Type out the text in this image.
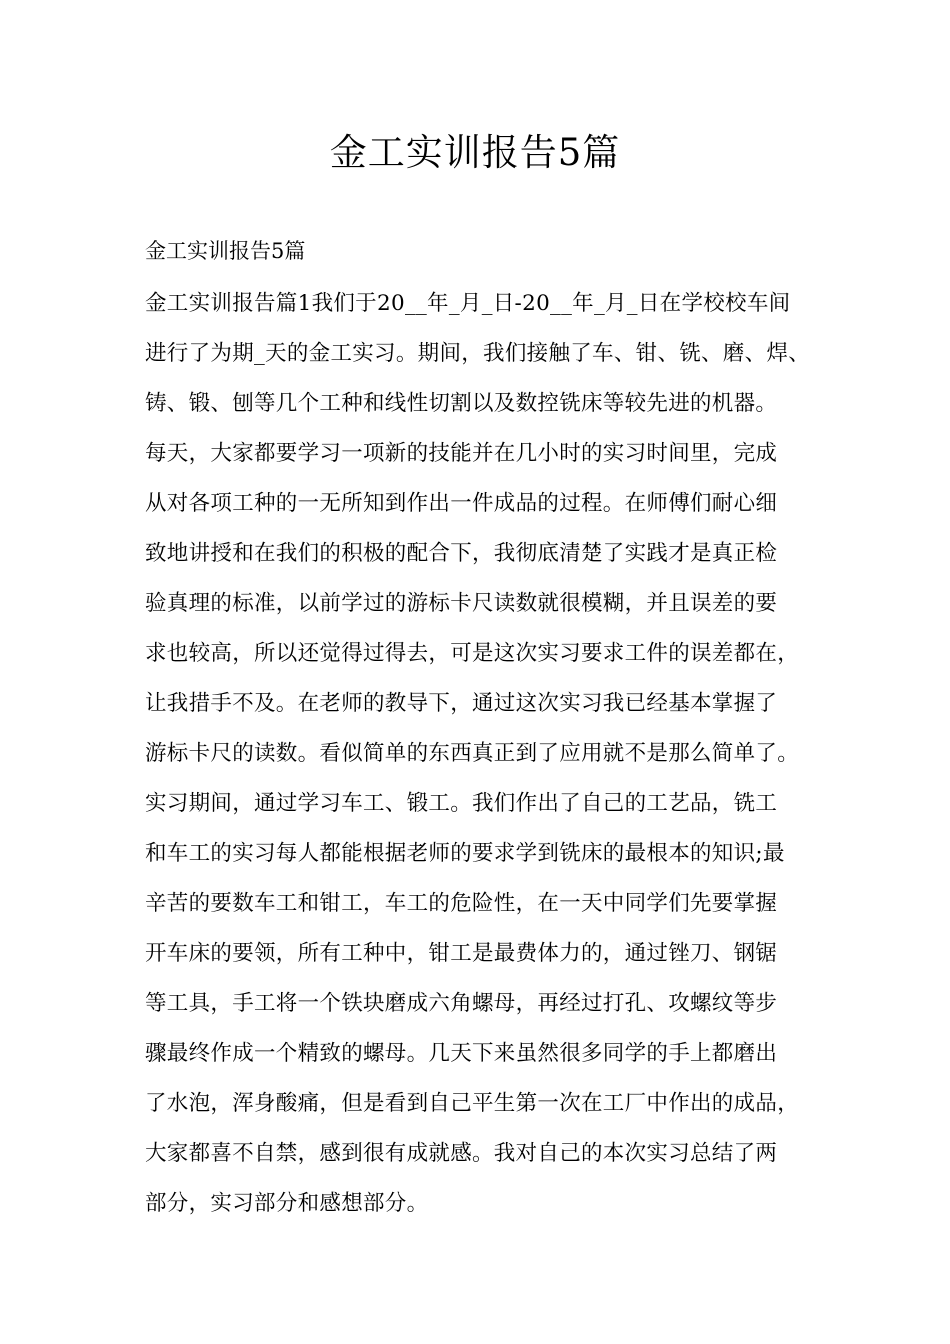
金工实训报告5篇

金工实训报告5篇

金工实训报告篇1我们于20__年_月_日-20__年_月_日在学校校车间
进行了为期_天的金工实习。期间，我们接触了车、钳、铣、磨、焊、
铸、锻、刨等几个工种和线性切割以及数控铣床等较先进的机器。
每天，大家都要学习一项新的技能并在几小时的实习时间里，完成
从对各项工种的一无所知到作出一件成品的过程。在师傅们耐心细
致地讲授和在我们的积极的配合下，我彻底清楚了实践才是真正检
验真理的标准，以前学过的游标卡尺读数就很模糊，并且误差的要
求也较高，所以还觉得过得去，可是这次实习要求工件的误差都在，
让我措手不及。在老师的教导下，通过这次实习我已经基本掌握了
游标卡尺的读数。看似简单的东西真正到了应用就不是那么简单了。
实习期间，通过学习车工、锻工。我们作出了自己的工艺品，铣工
和车工的实习每人都能根据老师的要求学到铣床的最根本的知识;最
辛苦的要数车工和钳工，车工的危险性，在一天中同学们先要掌握
开车床的要领，所有工种中，钳工是最费体力的，通过锉刀、钢锯
等工具，手工将一个铁块磨成六角螺母，再经过打孔、攻螺纹等步
骤最终作成一个精致的螺母。几天下来虽然很多同学的手上都磨出
了水泡，浑身酸痛，但是看到自己平生第一次在工厂中作出的成品，
大家都喜不自禁，感到很有成就感。我对自己的本次实习总结了两
部分，实习部分和感想部分。
